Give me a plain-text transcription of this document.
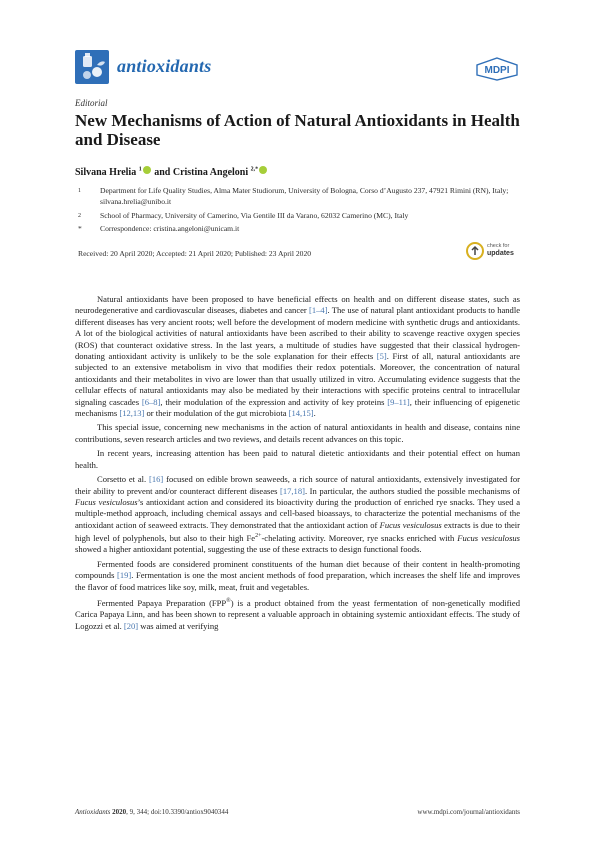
antioxidants	MDPI
Editorial
New Mechanisms of Action of Natural Antioxidants in Health and Disease
Silvana Hrelia $^1$ and Cristina Angeloni $^{2,*}$
1	Department for Life Quality Studies, Alma Mater Studiorum, University of Bologna, Corso d’Augusto 237, 47921 Rimini (RN), Italy; silvana.hrelia@unibo.it
2	School of Pharmacy, University of Camerino, Via Gentile III da Varano, 62032 Camerino (MC), Italy
*	Correspondence: cristina.angeloni@unicam.it
Received: 20 April 2020; Accepted: 21 April 2020; Published: 23 April 2020
check for
updates

Natural antioxidants have been proposed to have beneficial effects on health and on different disease states, such as neurodegenerative and cardiovascular diseases, diabetes and cancer [1–4]. The use of natural plant antioxidant products to handle different diseases has very ancient roots; well before the development of modern medicine with synthetic drugs and antioxidants. A lot of the biological activities of natural antioxidants have been ascribed to their ability to scavenge reactive oxygen species (ROS) that counteract oxidative stress. In the last years, a multitude of studies have suggested that their classical hydrogen-donating antioxidant activity is unlikely to be the sole explanation for their effects [5]. First of all, natural antioxidants are subjected to an extensive metabolism in vivo that modifies their redox potentials. Moreover, the concentration of natural antioxidants and their metabolites in vivo are lower than that usually utilized in vitro. Accumulating evidence suggests that the cellular effects of natural antioxidants may also be mediated by their interactions with specific proteins central to intracellular signaling cascades [6–8], their modulation of the expression and activity of key proteins [9–11], their influencing of epigenetic mechanisms [12,13] or their modulation of the gut microbiota [14,15].

This special issue, concerning new mechanisms in the action of natural antioxidants in health and disease, contains nine contributions, seven research articles and two reviews, and details recent advances on this topic.

In recent years, increasing attention has been paid to natural dietetic antioxidants and their potential effect on human health.

Corsetto et al. [16] focused on edible brown seaweeds, a rich source of natural antioxidants, extensively investigated for their ability to prevent and/or counteract different diseases [17,18]. In particular, the authors studied the possible mechanisms of Fucus vesiculosus’s antioxidant action and considered its bioactivity during the production of enriched rye snacks. They used a multiple-method approach, including chemical assays and cell-based bioassays, to characterize the potential mechanisms of the antioxidant action of seaweed extracts. They demonstrated that the antioxidant action of Fucus vesiculosus extracts is due to their high level of polyphenols, but also to their high $Fe^{2+}$-chelating activity. Moreover, rye snacks enriched with Fucus vesiculosus showed a higher antioxidant potential, suggesting the use of these extracts to design functional foods.

Fermented foods are considered prominent constituents of the human diet because of their content in health-promoting compounds [19]. Fermentation is one the most ancient methods of food preparation, which increases the shelf life and improves the flavor of food matrices like soy, milk, meat, fruit and vegetables.

Fermented Papaya Preparation (FPP®) is a product obtained from the yeast fermentation of non-genetically modified Carica Papaya Linn, and has been shown to represent a valuable approach in obtaining systemic antioxidant effects. The study of Logozzi et al. [20] was aimed at verifying

Antioxidants 2020, 9, 344; doi:10.3390/antiox9040344	www.mdpi.com/journal/antioxidants
